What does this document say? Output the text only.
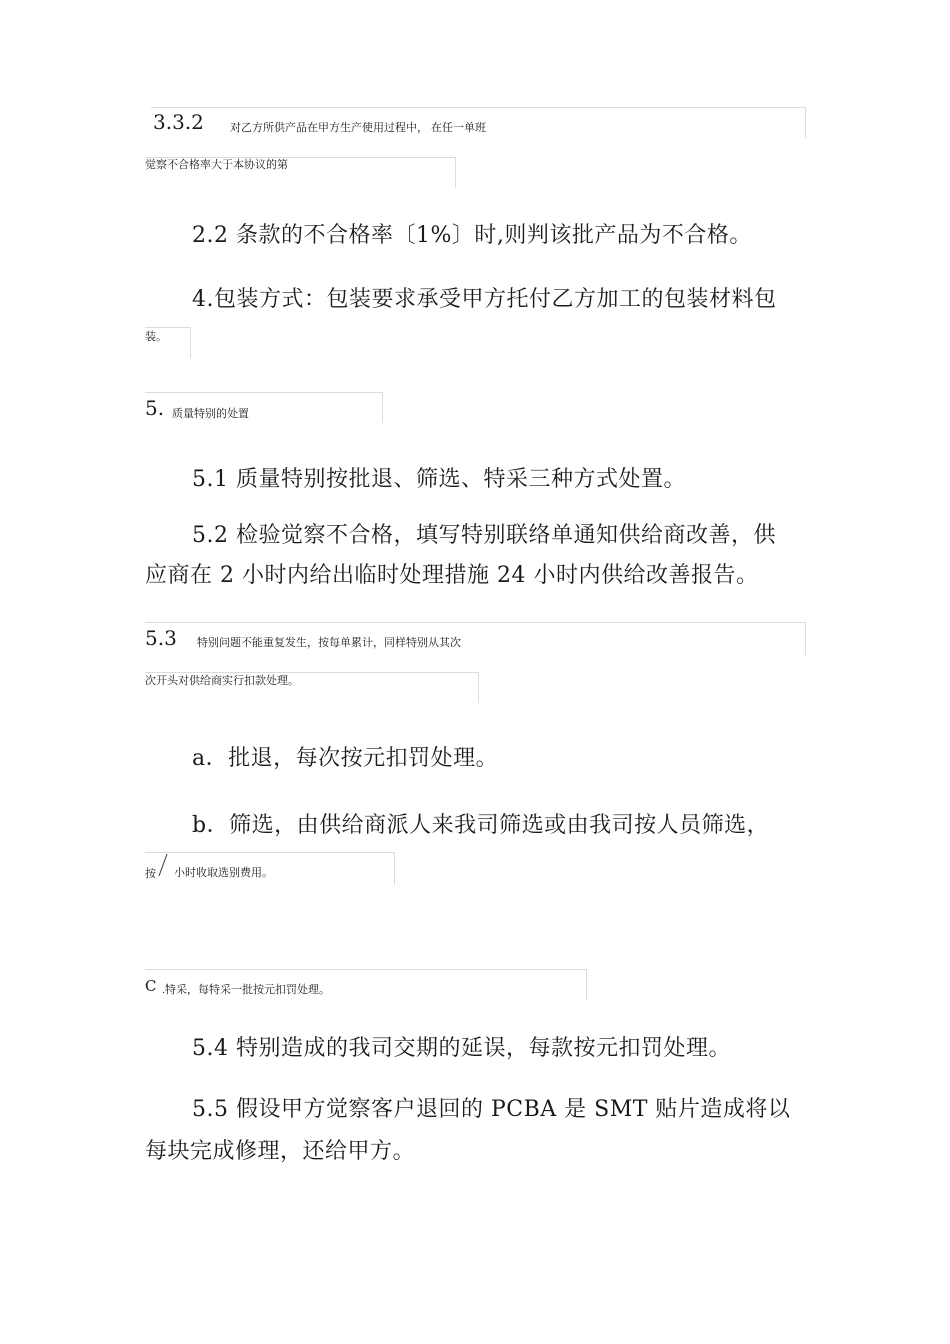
3.3.2 对乙方所供产品在甲方生产使用过程中， 在任一单班
觉察不合格率大于本协议的第
2.2 条款的不合格率〔1%〕时,则判该批产品为不合格。
4.包装方式：包装要求承受甲方托付乙方加工的包装材料包
装。
5. 质量特别的处置
5.1 质量特别按批退、筛选、特采三种方式处置。
5.2 检验觉察不合格，填写特别联络单通知供给商改善，供
应商在 2 小时内给出临时处理措施 24 小时内供给改善报告。
5.3 特别问题不能重复发生，按每单累计，同样特别从其次
次开头对供给商实行扣款处理。
a．批退，每次按元扣罚处理。
b．筛选，由供给商派人来我司筛选或由我司按人员筛选，
按 小时收取选别费用。
C .特采，每特采一批按元扣罚处理。
5.4 特别造成的我司交期的延误，每款按元扣罚处理。
5.5 假设甲方觉察客户退回的 PCBA 是 SMT 贴片造成将以
每块完成修理，还给甲方。
